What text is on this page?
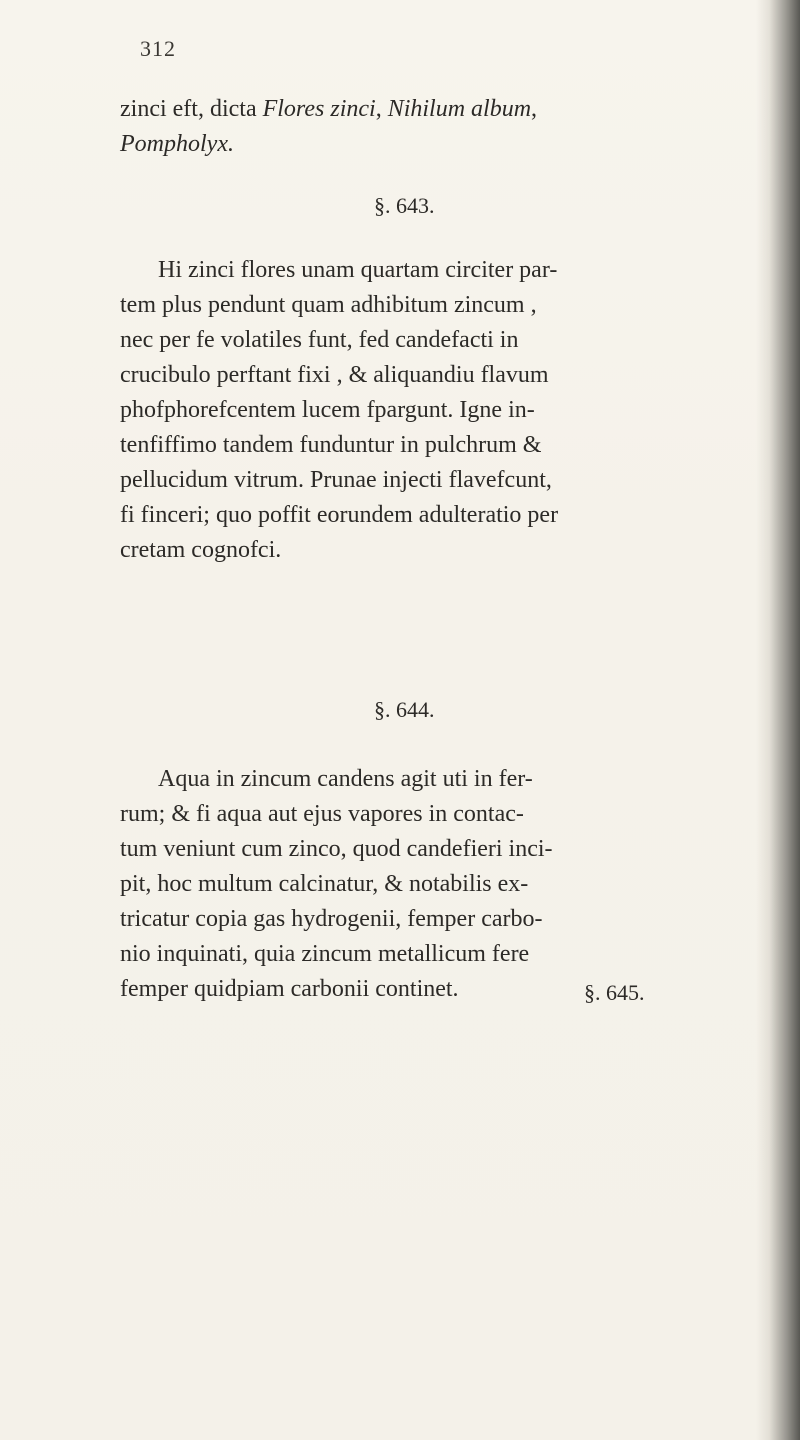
312
zinci eft, dicta Flores zinci, Nihilum album,
Pompholyx.
§. 643.
Hi zinci flores unam quartam circiter par-
tem plus pendunt quam adhibitum zincum ,
nec per fe volatiles funt, fed candefacti in
crucibulo perftant fixi , & aliquandiu flavum
phofphorefcentem lucem fpargunt. Igne in-
tenfiffimo tandem funduntur in pulchrum &
pellucidum vitrum. Prunae injecti flavefcunt,
fi finceri; quo poffit eorundem adulteratio per
cretam cognofci.
§. 644.
Aqua in zincum candens agit uti in fer-
rum; & fi aqua aut ejus vapores in contac-
tum veniunt cum zinco, quod candefieri inci-
pit, hoc multum calcinatur, & notabilis ex-
tricatur copia gas hydrogenii, femper carbo-
nio inquinati, quia zincum metallicum fere
femper quidpiam carbonii continet.	§. 645.
